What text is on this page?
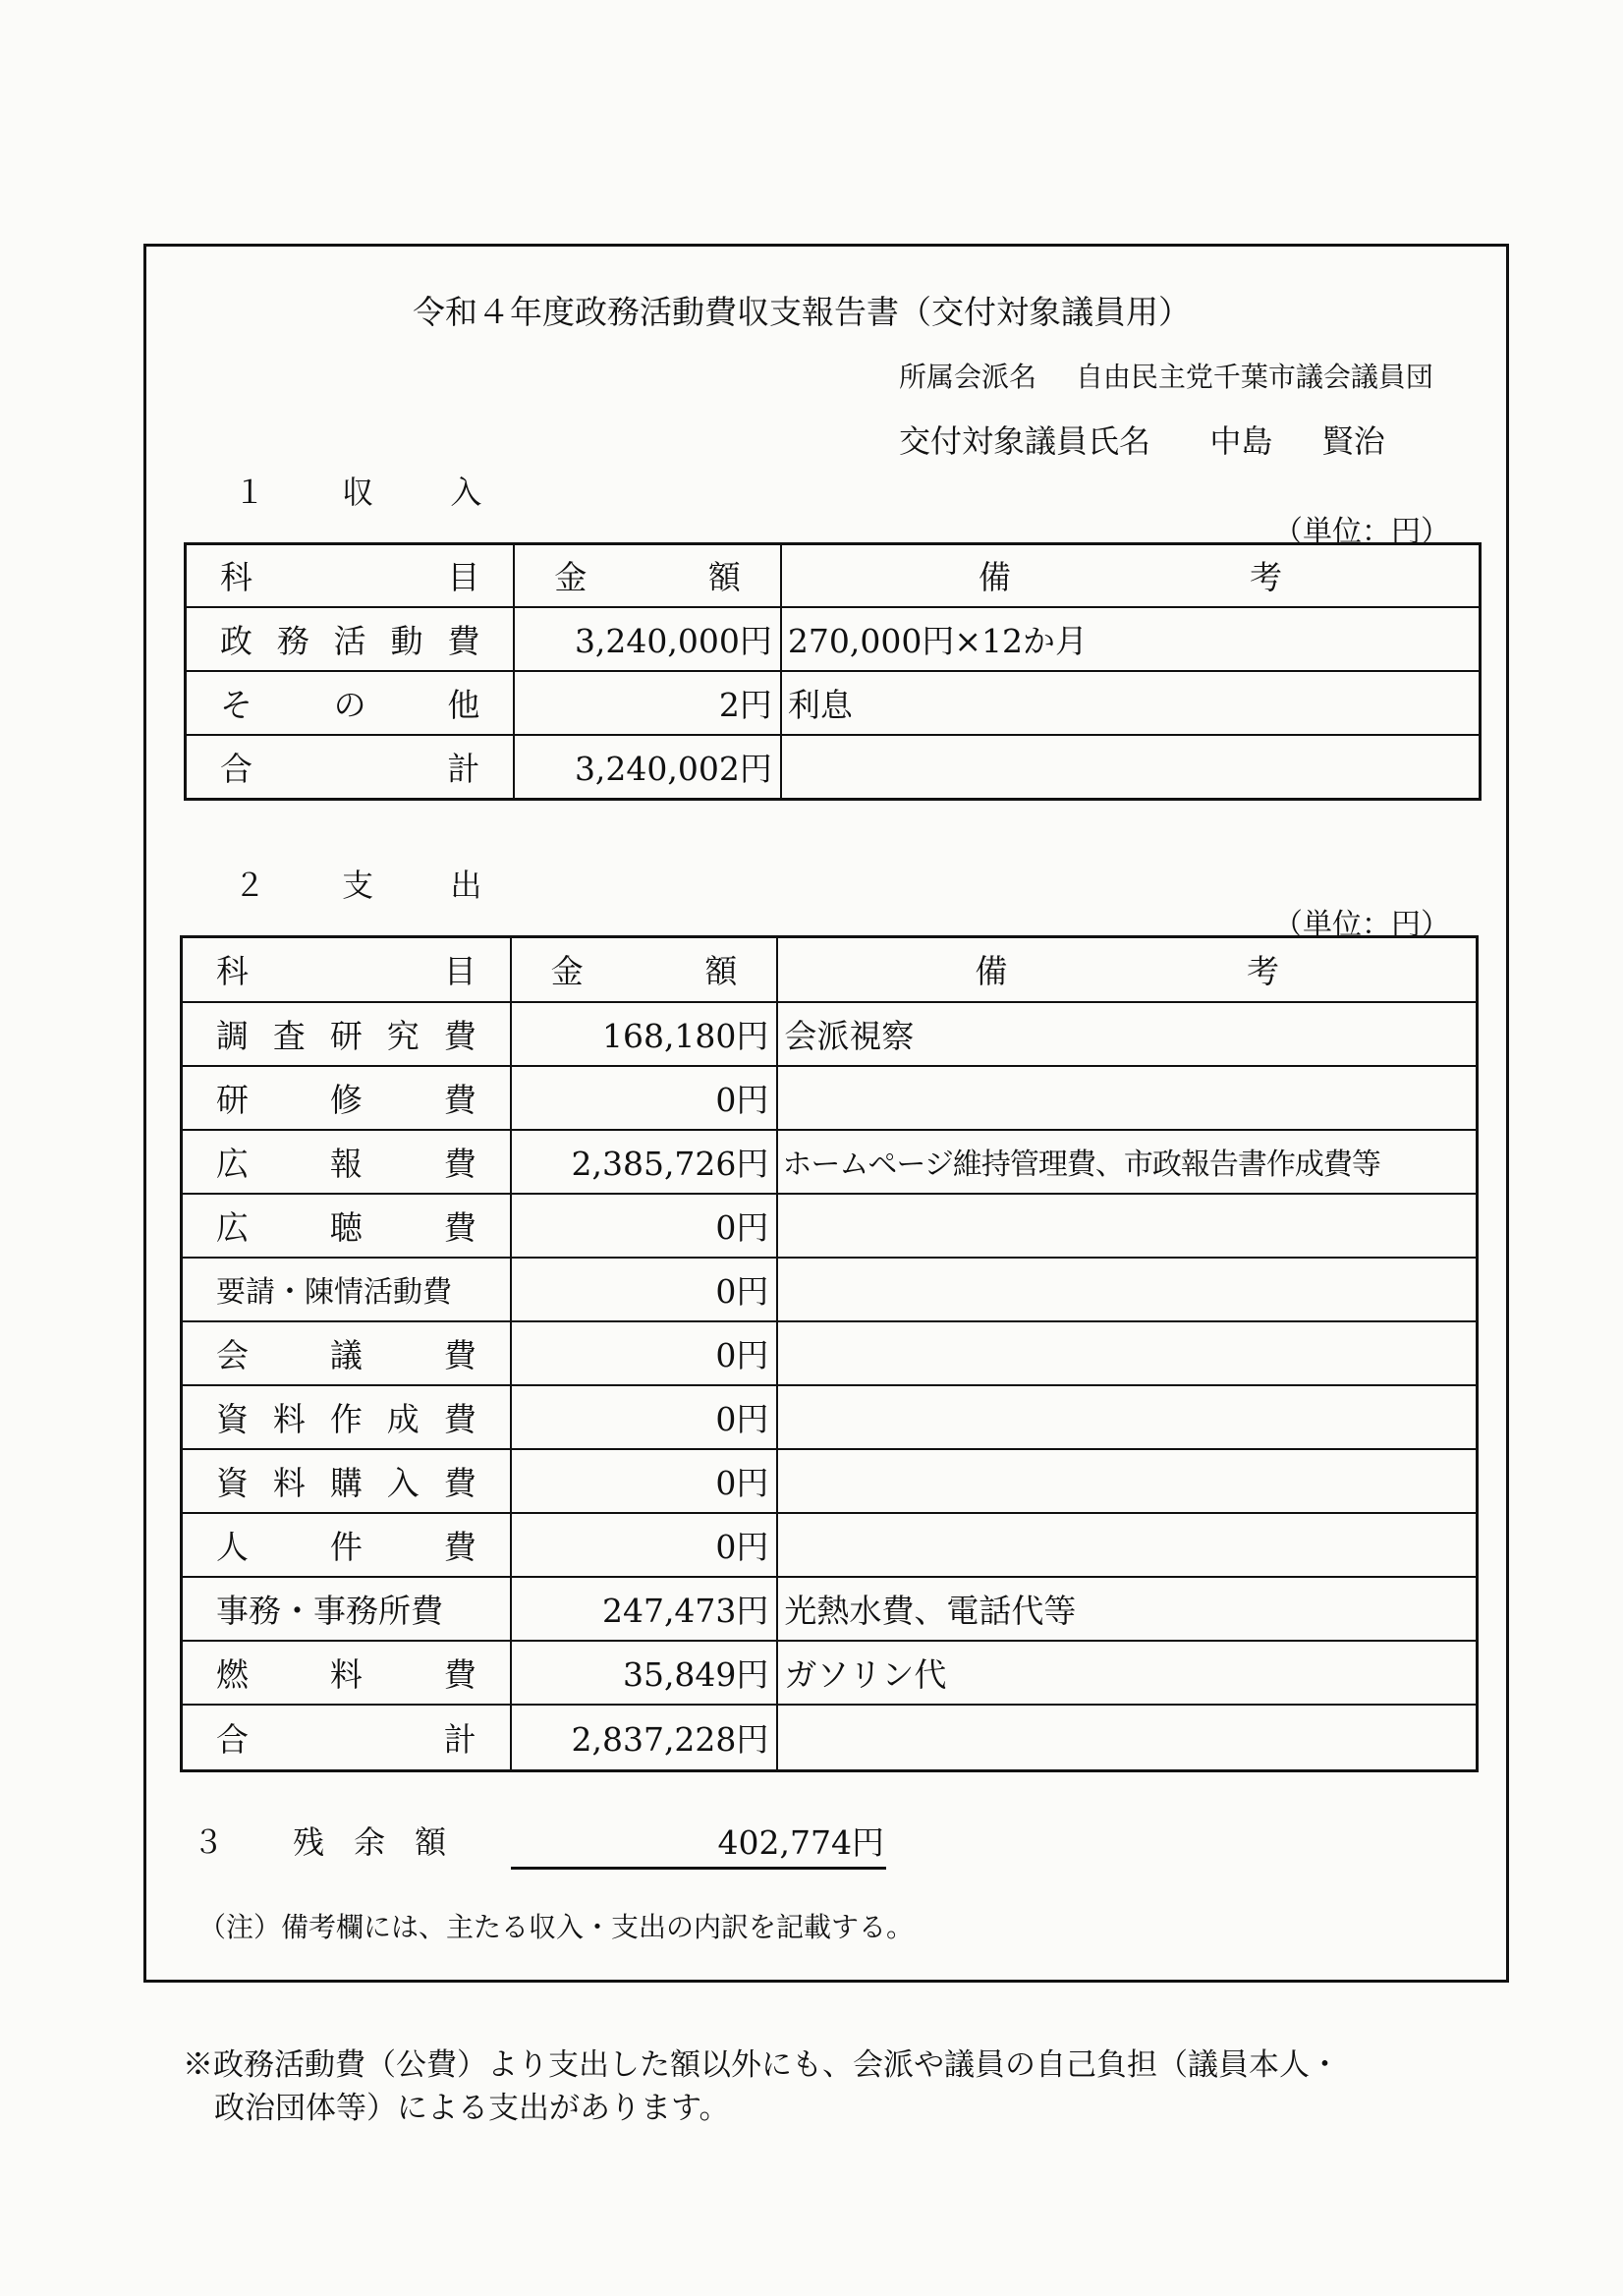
令和４年度政務活動費収支報告書（交付対象議員用）
所属会派名 自由民主党千葉市議会議員団
交付対象議員氏名 中島 賢治
１ 収 入
（単位：円）
科目	金額	備考
政務活動費	3,240,000円	270,000円×12か月
その他	2円	利息
合計	3,240,002円	
２ 支 出
（単位：円）
科目	金額	備考
調査研究費	168,180円	会派視察
研修費	0円	
広報費	2,385,726円	ホームページ維持管理費、市政報告書作成費等
広聴費	0円	
要請・陳情活動費	0円	
会議費	0円	
資料作成費	0円	
資料購入費	0円	
人件費	0円	
事務・事務所費	247,473円	光熱水費、電話代等
燃料費	35,849円	ガソリン代
合計	2,837,228円	
３ 残余額	402,774円
（注）備考欄には、主たる収入・支出の内訳を記載する。
※政務活動費（公費）より支出した額以外にも、会派や議員の自己負担（議員本人・
政治団体等）による支出があります。
